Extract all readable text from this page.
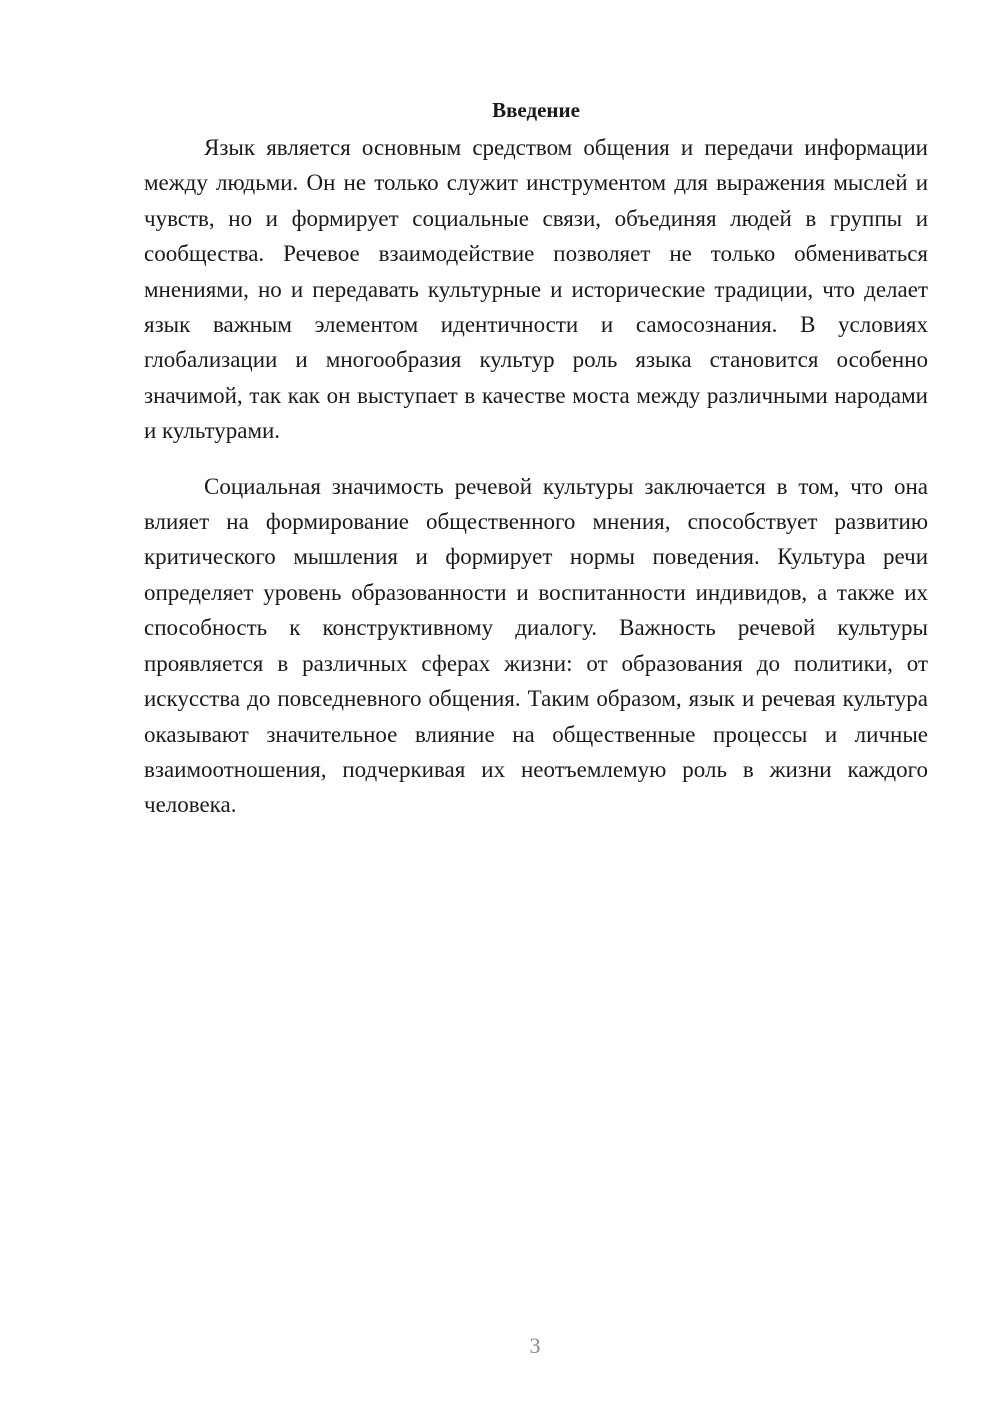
Введение

Язык является основным средством общения и передачи информации между людьми. Он не только служит инструментом для выражения мыслей и чувств, но и формирует социальные связи, объединяя людей в группы и сообщества. Речевое взаимодействие позволяет не только обмениваться мнениями, но и передавать культурные и исторические традиции, что делает язык важным элементом идентичности и самосознания. В условиях глобализации и многообразия культур роль языка становится особенно значимой, так как он выступает в качестве моста между различными народами и культурами.

Социальная значимость речевой культуры заключается в том, что она влияет на формирование общественного мнения, способствует развитию критического мышления и формирует нормы поведения. Культура речи определяет уровень образованности и воспитанности индивидов, а также их способность к конструктивному диалогу. Важность речевой культуры проявляется в различных сферах жизни: от образования до политики, от искусства до повседневного общения. Таким образом, язык и речевая культура оказывают значительное влияние на общественные процессы и личные взаимоотношения, подчеркивая их неотъемлемую роль в жизни каждого человека.

3
